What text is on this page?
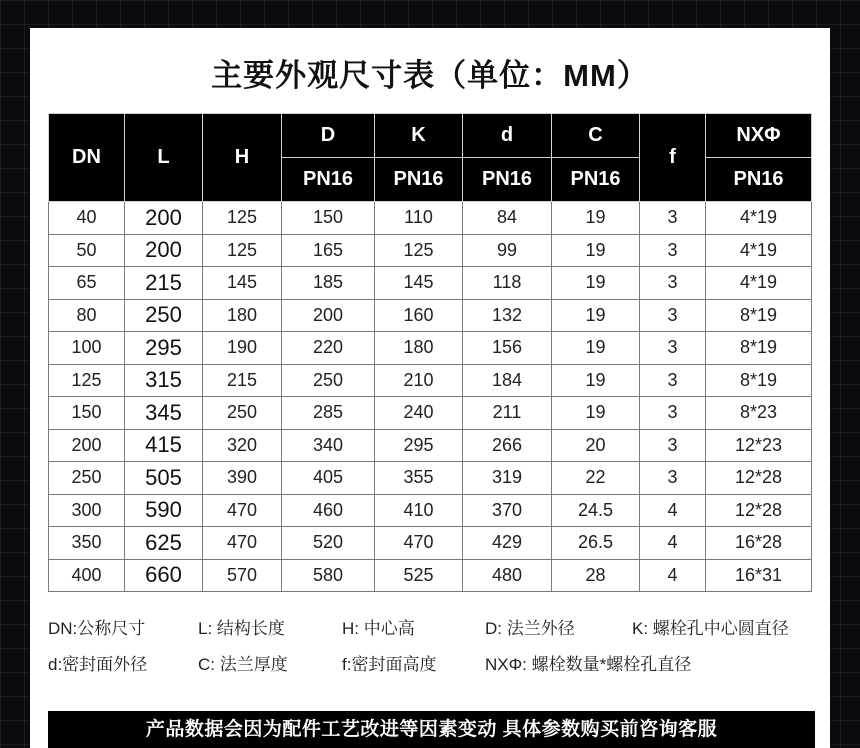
主要外观尺寸表（单位：MM）
DN	L	H	D	K	d	C	f	NXΦ
			PN16	PN16	PN16	PN16		PN16
40	200	125	150	110	84	19	3	4*19
50	200	125	165	125	99	19	3	4*19
65	215	145	185	145	118	19	3	4*19
80	250	180	200	160	132	19	3	8*19
100	295	190	220	180	156	19	3	8*19
125	315	215	250	210	184	19	3	8*19
150	345	250	285	240	211	19	3	8*23
200	415	320	340	295	266	20	3	12*23
250	505	390	405	355	319	22	3	12*28
300	590	470	460	410	370	24.5	4	12*28
350	625	470	520	470	429	26.5	4	16*28
400	660	570	580	525	480	28	4	16*31
DN:公称尺寸	L: 结构长度	H: 中心高	D: 法兰外径	K: 螺栓孔中心圆直径
d:密封面外径	C: 法兰厚度	f:密封面高度	NXΦ: 螺栓数量*螺栓孔直径
产品数据会因为配件工艺改进等因素变动 具体参数购买前咨询客服
